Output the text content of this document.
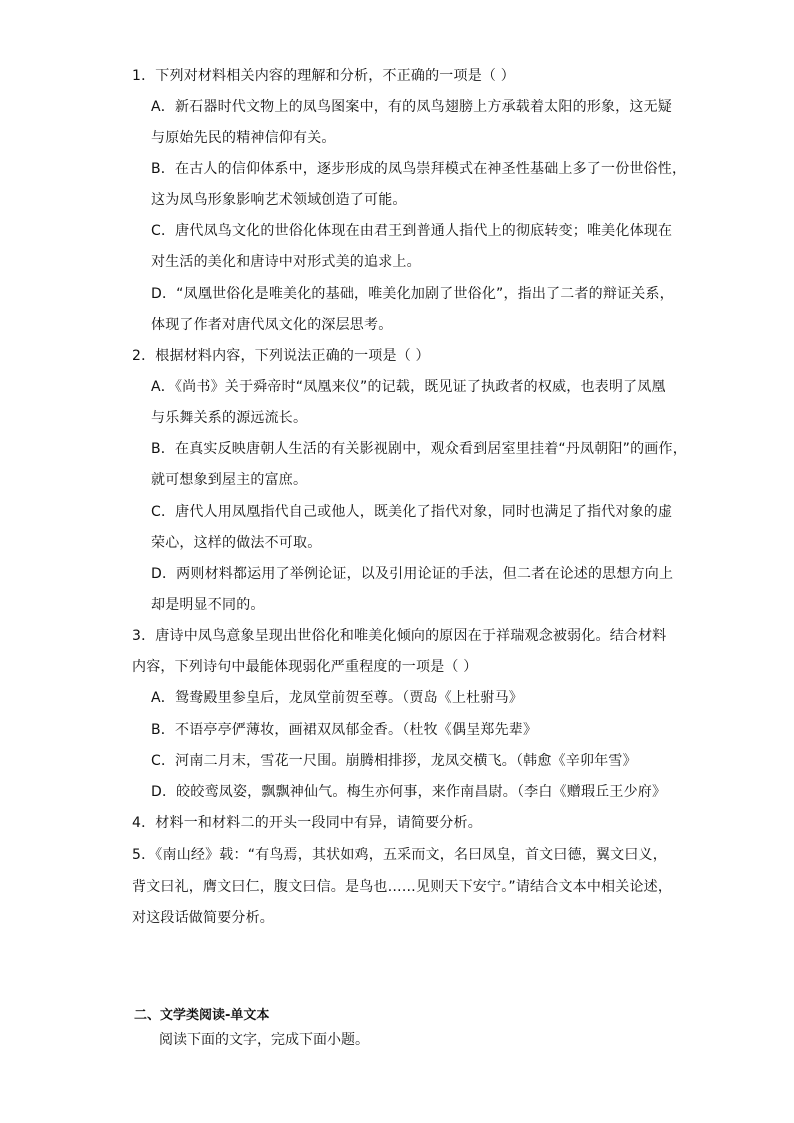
1．下列对材料相关内容的理解和分析，不正确的一项是（ ）
A．新石器时代文物上的凤鸟图案中，有的凤鸟翅膀上方承载着太阳的形象，这无疑
与原始先民的精神信仰有关。
B．在古人的信仰体系中，逐步形成的凤鸟崇拜模式在神圣性基础上多了一份世俗性，
这为凤鸟形象影响艺术领域创造了可能。
C．唐代凤鸟文化的世俗化体现在由君王到普通人指代上的彻底转变；唯美化体现在
对生活的美化和唐诗中对形式美的追求上。
D．“凤凰世俗化是唯美化的基础，唯美化加剧了世俗化”，指出了二者的辩证关系，
体现了作者对唐代凤文化的深层思考。
2．根据材料内容，下列说法正确的一项是（ ）
A．《尚书》关于舜帝时“凤凰来仪”的记载，既见证了执政者的权威，也表明了凤凰
与乐舞关系的源远流长。
B．在真实反映唐朝人生活的有关影视剧中，观众看到居室里挂着“丹凤朝阳”的画作，
就可想象到屋主的富庶。
C．唐代人用凤凰指代自己或他人，既美化了指代对象，同时也满足了指代对象的虚
荣心，这样的做法不可取。
D．两则材料都运用了举例论证，以及引用论证的手法，但二者在论述的思想方向上
却是明显不同的。
3．唐诗中凤鸟意象呈现出世俗化和唯美化倾向的原因在于祥瑞观念被弱化。结合材料
内容，下列诗句中最能体现弱化严重程度的一项是（ ）
A．鸳鸯殿里参皇后，龙凤堂前贺至尊。（贾岛《上杜驸马》
B．不语亭亭俨薄妆，画裙双凤郁金香。（杜牧《偶呈郑先辈》
C．河南二月末，雪花一尺围。崩腾相排拶，龙凤交横飞。（韩愈《辛卯年雪》
D．皎皎鸾凤姿，飘飘神仙气。梅生亦何事，来作南昌尉。（李白《赠瑕丘王少府》
4．材料一和材料二的开头一段同中有异，请简要分析。
5．《南山经》载：“有鸟焉，其状如鸡，五采而文，名曰凤皇，首文曰德，翼文曰义，
背文曰礼，膺文曰仁，腹文曰信。是鸟也……见则天下安宁。”请结合文本中相关论述，
对这段话做简要分析。
二、文学类阅读-单文本
阅读下面的文字，完成下面小题。
